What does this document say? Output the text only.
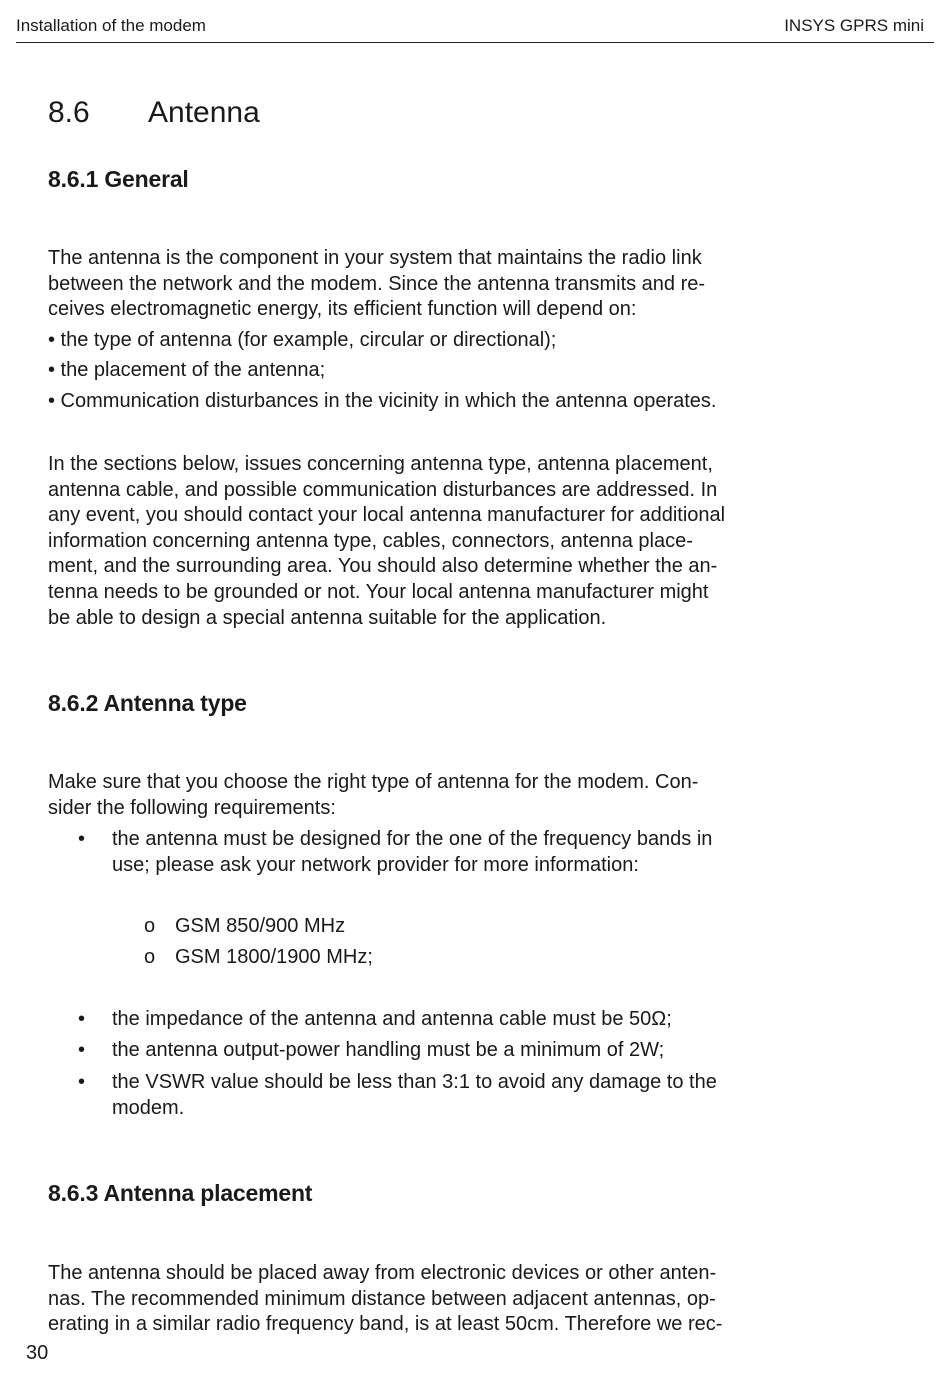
Installation of the modem	INSYS GPRS mini
8.6 Antenna
8.6.1 General
The antenna is the component in your system that maintains the radio link
between the network and the modem. Since the antenna transmits and re-
ceives electromagnetic energy, its efficient function will depend on:
• the type of antenna (for example, circular or directional);
• the placement of the antenna;
• Communication disturbances in the vicinity in which the antenna operates.
In the sections below, issues concerning antenna type, antenna placement,
antenna cable, and possible communication disturbances are addressed. In
any event, you should contact your local antenna manufacturer for additional
information concerning antenna type, cables, connectors, antenna place-
ment, and the surrounding area. You should also determine whether the an-
tenna needs to be grounded or not. Your local antenna manufacturer might
be able to design a special antenna suitable for the application.
8.6.2 Antenna type
Make sure that you choose the right type of antenna for the modem. Con-
sider the following requirements:
• the antenna must be designed for the one of the frequency bands in
use; please ask your network provider for more information:
o GSM 850/900 MHz
o GSM 1800/1900 MHz;
• the impedance of the antenna and antenna cable must be 50Ω;
• the antenna output-power handling must be a minimum of 2W;
• the VSWR value should be less than 3:1 to avoid any damage to the
modem.
8.6.3 Antenna placement
The antenna should be placed away from electronic devices or other anten-
nas. The recommended minimum distance between adjacent antennas, op-
erating in a similar radio frequency band, is at least 50cm. Therefore we rec-
30
